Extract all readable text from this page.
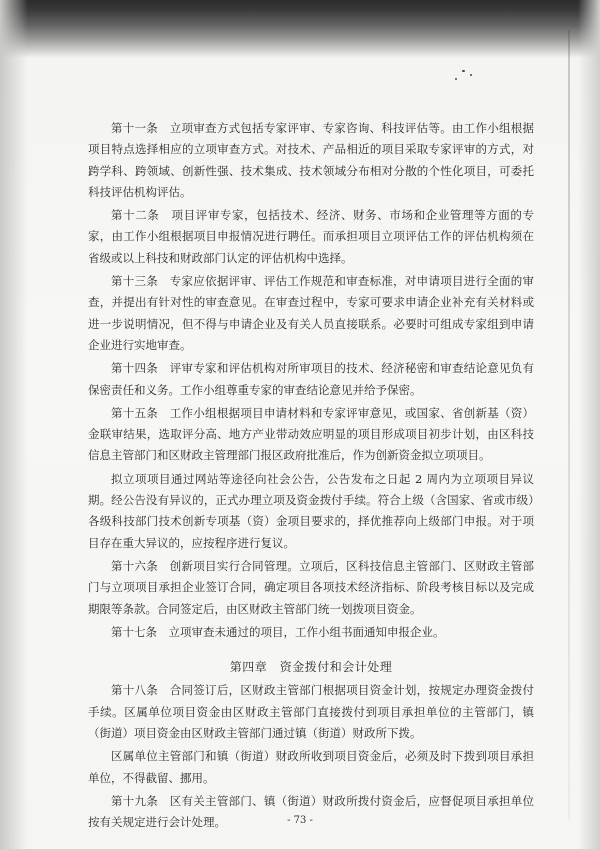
第十一条　立项审查方式包括专家评审、专家咨询、科技评估等。由工作小组根据项目特点选择相应的立项审查方式。对技术、产品相近的项目采取专家评审的方式，对跨学科、跨领域、创新性强、技术集成、技术领域分布相对分散的个性化项目，可委托科技评估机构评估。

第十二条　项目评审专家，包括技术、经济、财务、市场和企业管理等方面的专家，由工作小组根据项目申报情况进行聘任。而承担项目立项评估工作的评估机构须在省级或以上科技和财政部门认定的评估机构中选择。

第十三条　专家应依据评审、评估工作规范和审查标准，对申请项目进行全面的审查，并提出有针对性的审查意见。在审查过程中，专家可要求申请企业补充有关材料或进一步说明情况，但不得与申请企业及有关人员直接联系。必要时可组成专家组到申请企业进行实地审查。

第十四条　评审专家和评估机构对所审项目的技术、经济秘密和审查结论意见负有保密责任和义务。工作小组尊重专家的审查结论意见并给予保密。

第十五条　工作小组根据项目申请材料和专家评审意见，或国家、省创新基（资）金联审结果，选取评分高、地方产业带动效应明显的项目形成项目初步计划，由区科技信息主管部门和区财政主管理部门报区政府批准后，作为创新资金拟立项项目。

拟立项项目通过网站等途径向社会公告，公告发布之日起 2 周内为立项项目异议期。经公告没有异议的，正式办理立项及资金拨付手续。符合上级（含国家、省或市级）各级科技部门技术创新专项基（资）金项目要求的，择优推荐向上级部门申报。对于项目存在重大异议的，应按程序进行复议。

第十六条　创新项目实行合同管理。立项后，区科技信息主管部门、区财政主管部门与立项项目承担企业签订合同，确定项目各项技术经济指标、阶段考核目标以及完成期限等条款。合同签定后，由区财政主管部门统一划拨项目资金。

第十七条　立项审查未通过的项目，工作小组书面通知申报企业。

第四章　资金拨付和会计处理

第十八条　合同签订后，区财政主管部门根据项目资金计划，按规定办理资金拨付手续。区属单位项目资金由区财政主管部门直接拨付到项目承担单位的主管部门，镇（街道）项目资金由区财政主管部门通过镇（街道）财政所下拨。

区属单位主管部门和镇（街道）财政所收到项目资金后，必须及时下拨到项目承担单位，不得截留、挪用。

第十九条　区有关主管部门、镇（街道）财政所拨付资金后，应督促项目承担单位按有关规定进行会计处理。	- 73 -
